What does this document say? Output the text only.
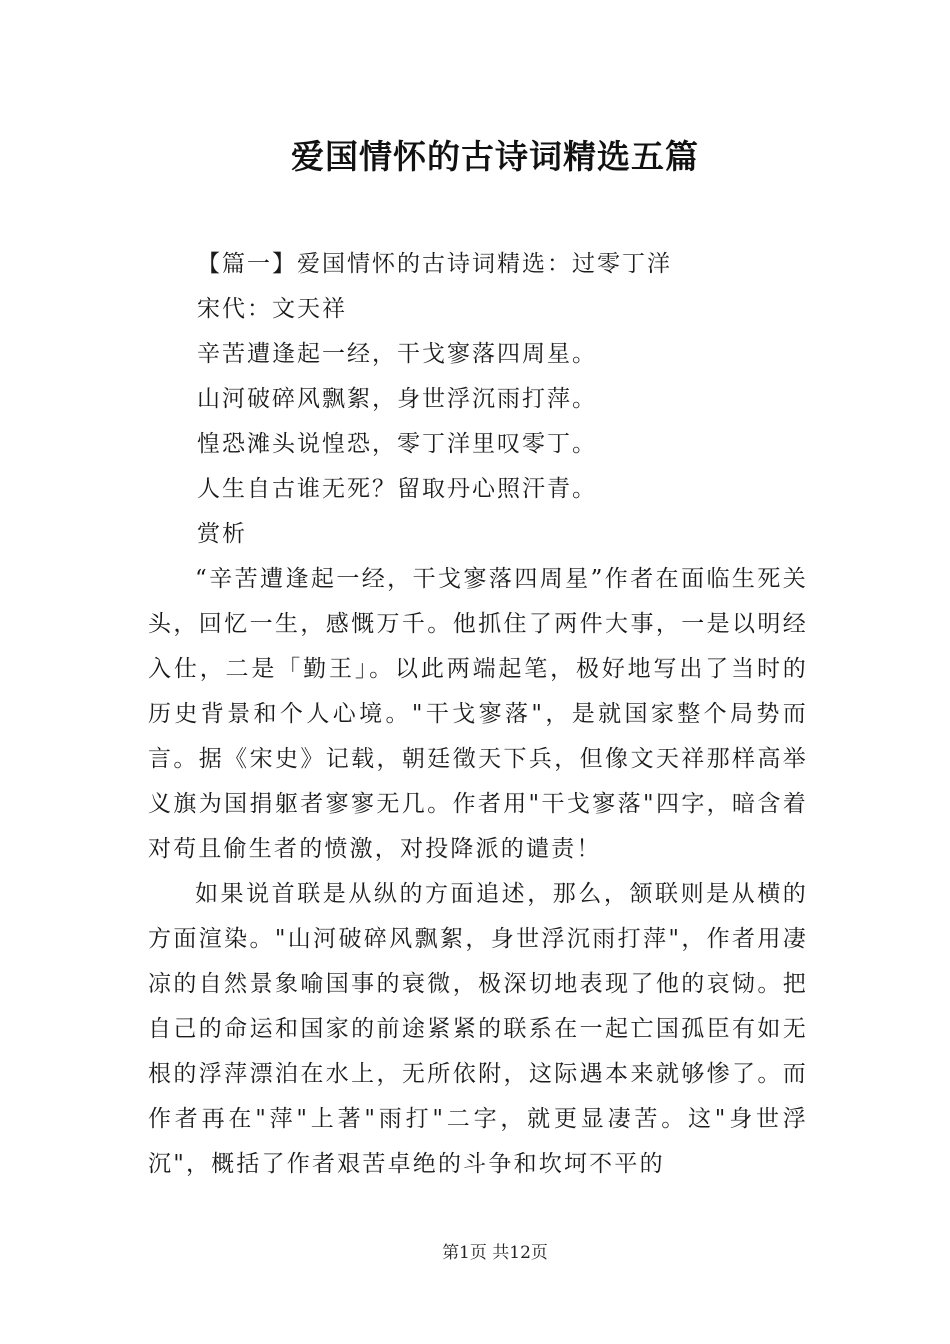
爱国情怀的古诗词精选五篇
【篇一】爱国情怀的古诗词精选：过零丁洋
宋代：文天祥
辛苦遭逢起一经，干戈寥落四周星。
山河破碎风飘絮，身世浮沉雨打萍。
惶恐滩头说惶恐，零丁洋里叹零丁。
人生自古谁无死？留取丹心照汗青。
赏析

“辛苦遭逢起一经，干戈寥落四周星”作者在面临生死关头，回忆一生，感慨万千。他抓住了两件大事，一是以明经入仕，二是「勤王」。以此两端起笔，极好地写出了当时的历史背景和个人心境。"干戈寥落"，是就国家整个局势而言。据《宋史》记载，朝廷徵天下兵，但像文天祥那样高举义旗为国捐躯者寥寥无几。作者用"干戈寥落"四字，暗含着对苟且偷生者的愤激，对投降派的谴责！

如果说首联是从纵的方面追述，那么，颔联则是从横的方面渲染。"山河破碎风飘絮，身世浮沉雨打萍"，作者用凄凉的自然景象喻国事的衰微，极深切地表现了他的哀恸。把自己的命运和国家的前途紧紧的联系在一起亡国孤臣有如无根的浮萍漂泊在水上，无所依附，这际遇本来就够惨了。而作者再在"萍"上著"雨打"二字，就更显凄苦。这"身世浮沉"，概括了作者艰苦卓绝的斗争和坎坷不平的

第1页 共12页
